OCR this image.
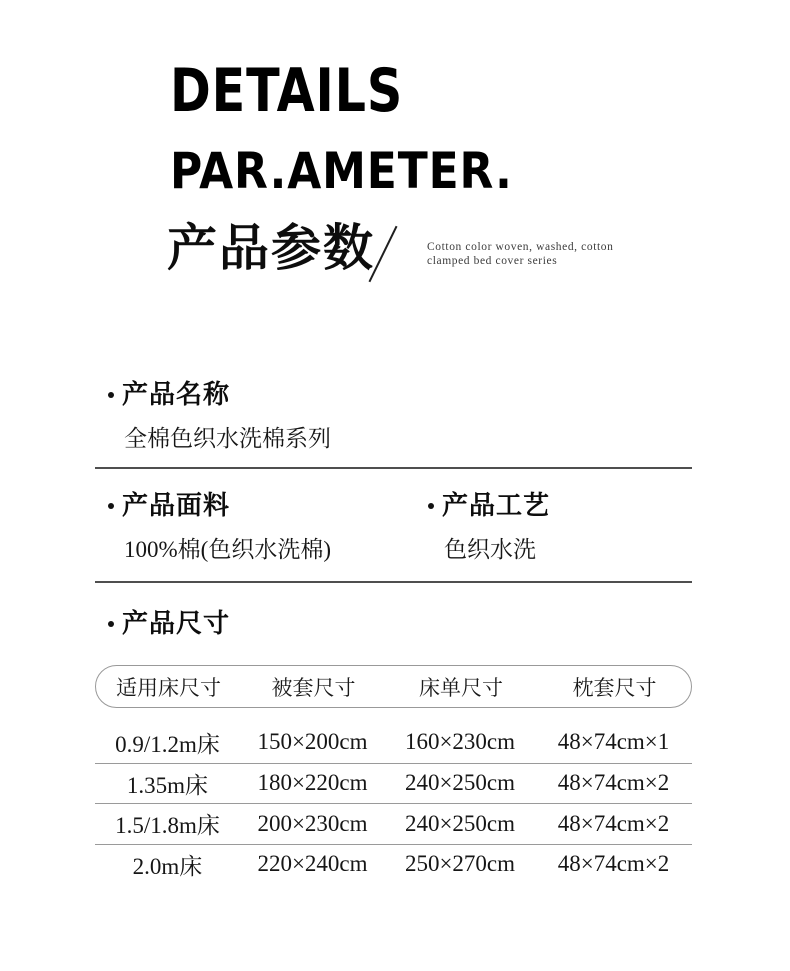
DETAILS
PAR.AMETER.
产品参数	Cotton color woven, washed, cotton
clamped bed cover series
产品名称
全棉色织水洗棉系列
产品面料
100%棉(色织水洗棉)
产品工艺
色织水洗
产品尺寸
适用床尺寸	被套尺寸	床单尺寸	枕套尺寸
0.9/1.2m床	150×200cm	160×230cm	48×74cm×1
1.35m床	180×220cm	240×250cm	48×74cm×2
1.5/1.8m床	200×230cm	240×250cm	48×74cm×2
2.0m床	220×240cm	250×270cm	48×74cm×2
